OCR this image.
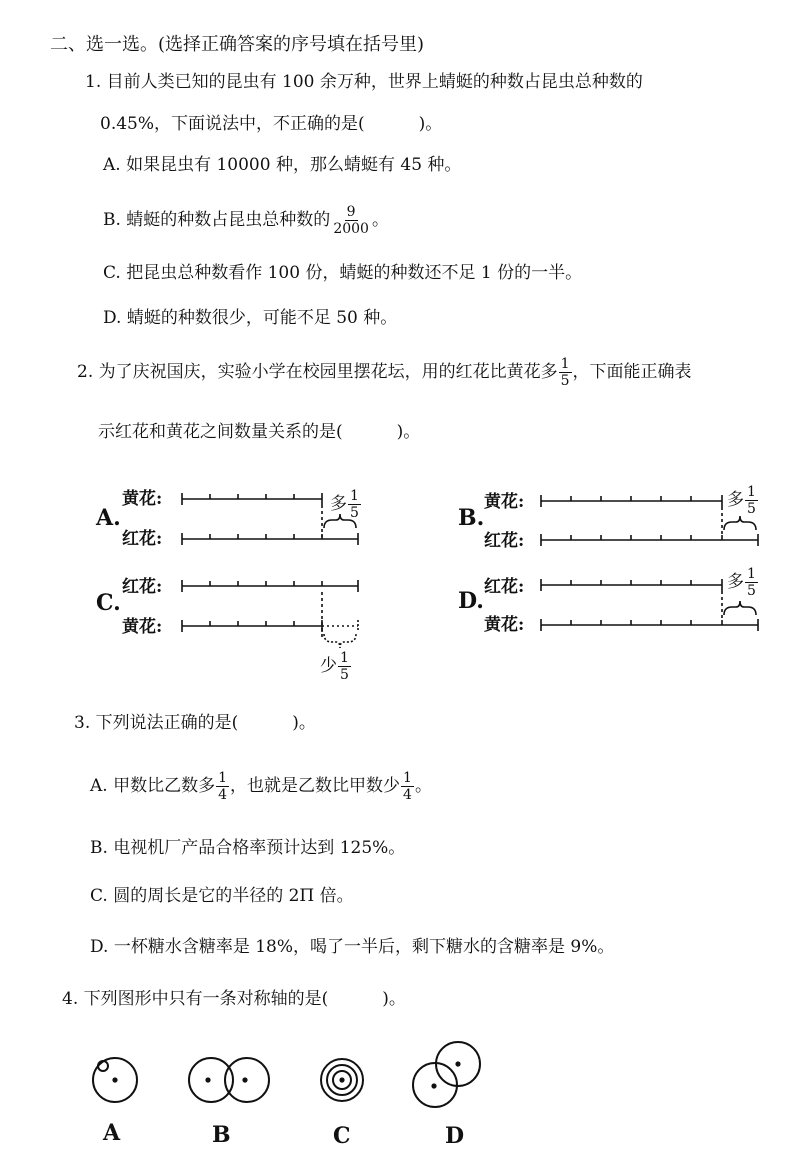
二、选一选。(选择正确答案的序号填在括号里)
1. 目前人类已知的昆虫有 100 余万种，世界上蜻蜓的种数占昆虫总种数的
0.45%，下面说法中，不正确的是(	)。
A. 如果昆虫有 10000 种，那么蜻蜓有 45 种。
B. 蜻蜓的种数占昆虫总种数的 $\frac{9}{2000}$ 。
C. 把昆虫总种数看作 100 份，蜻蜓的种数还不足 1 份的一半。
D. 蜻蜓的种数很少，可能不足 50 种。
2. 为了庆祝国庆，实验小学在校园里摆花坛，用的红花比黄花多 $\frac{1}{5}$ ，下面能正确表
示红花和黄花之间数量关系的是(	)。
A.
黄花:
红花:
多 $\frac{1}{5}$	B.
黄花:
红花:
多 $\frac{1}{5}$
C.
红花:
黄花:
少 $\frac{1}{5}$
D.
红花:
黄花:
多 $\frac{1}{5}$
3. 下列说法正确的是(	)。
A. 甲数比乙数多 $\frac{1}{4}$ ，也就是乙数比甲数少 $\frac{1}{4}$ 。
B. 电视机厂产品合格率预计达到 125%。
C. 圆的周长是它的半径的 2Π 倍。
D. 一杯糖水含糖率是 18%，喝了一半后，剩下糖水的含糖率是 9%。
4. 下列图形中只有一条对称轴的是(	)。
A	B	C	D
